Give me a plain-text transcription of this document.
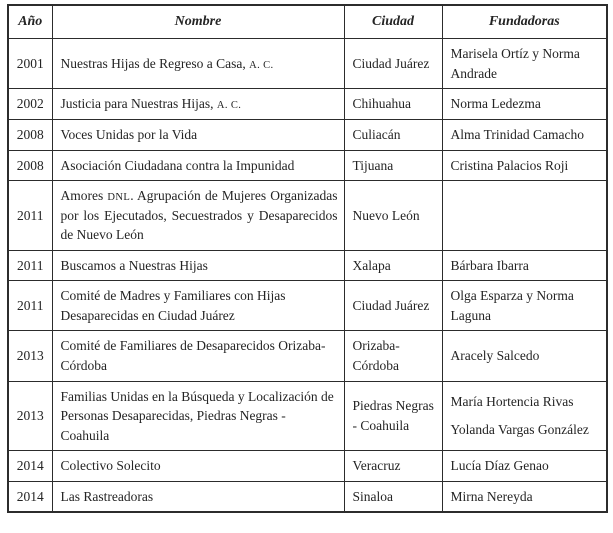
Año	Nombre	Ciudad	Fundadoras
2001	Nuestras Hijas de Regreso a Casa, A. C.	Ciudad Juárez	Marisela Ortíz y Norma Andrade

2002	Justicia para Nuestras Hijas, A. C.	Chihuahua	Norma Ledezma

2008	Voces Unidas por la Vida	Culiacán	Alma Trinidad Camacho

2008	Asociación Ciudadana contra la Impunidad	Tijuana	Cristina Palacios Roji

2011	Amores DNL. Agrupación de Mujeres Organizadas por los Ejecutados, Secuestrados y Desaparecidos de Nuevo León	Nuevo León	
2011	Buscamos a Nuestras Hijas	Xalapa	Bárbara Ibarra

2011	Comité de Madres y Familiares con Hijas Desaparecidas en Ciudad Juárez	Ciudad Juárez	Olga Esparza y Norma Laguna

2013	Comité de Familiares de Desaparecidos Orizaba-Córdoba	Orizaba-Córdoba	Aracely Salcedo

2013	Familias Unidas en la Búsqueda y Localización de Personas Desaparecidas, Piedras Negras - Coahuila	Piedras Negras - Coahuila	María Hortencia Rivas
Yolanda Vargas González

2014	Colectivo Solecito	Veracruz	Lucía Díaz Genao

2014	Las Rastreadoras	Sinaloa	Mirna Nereyda
